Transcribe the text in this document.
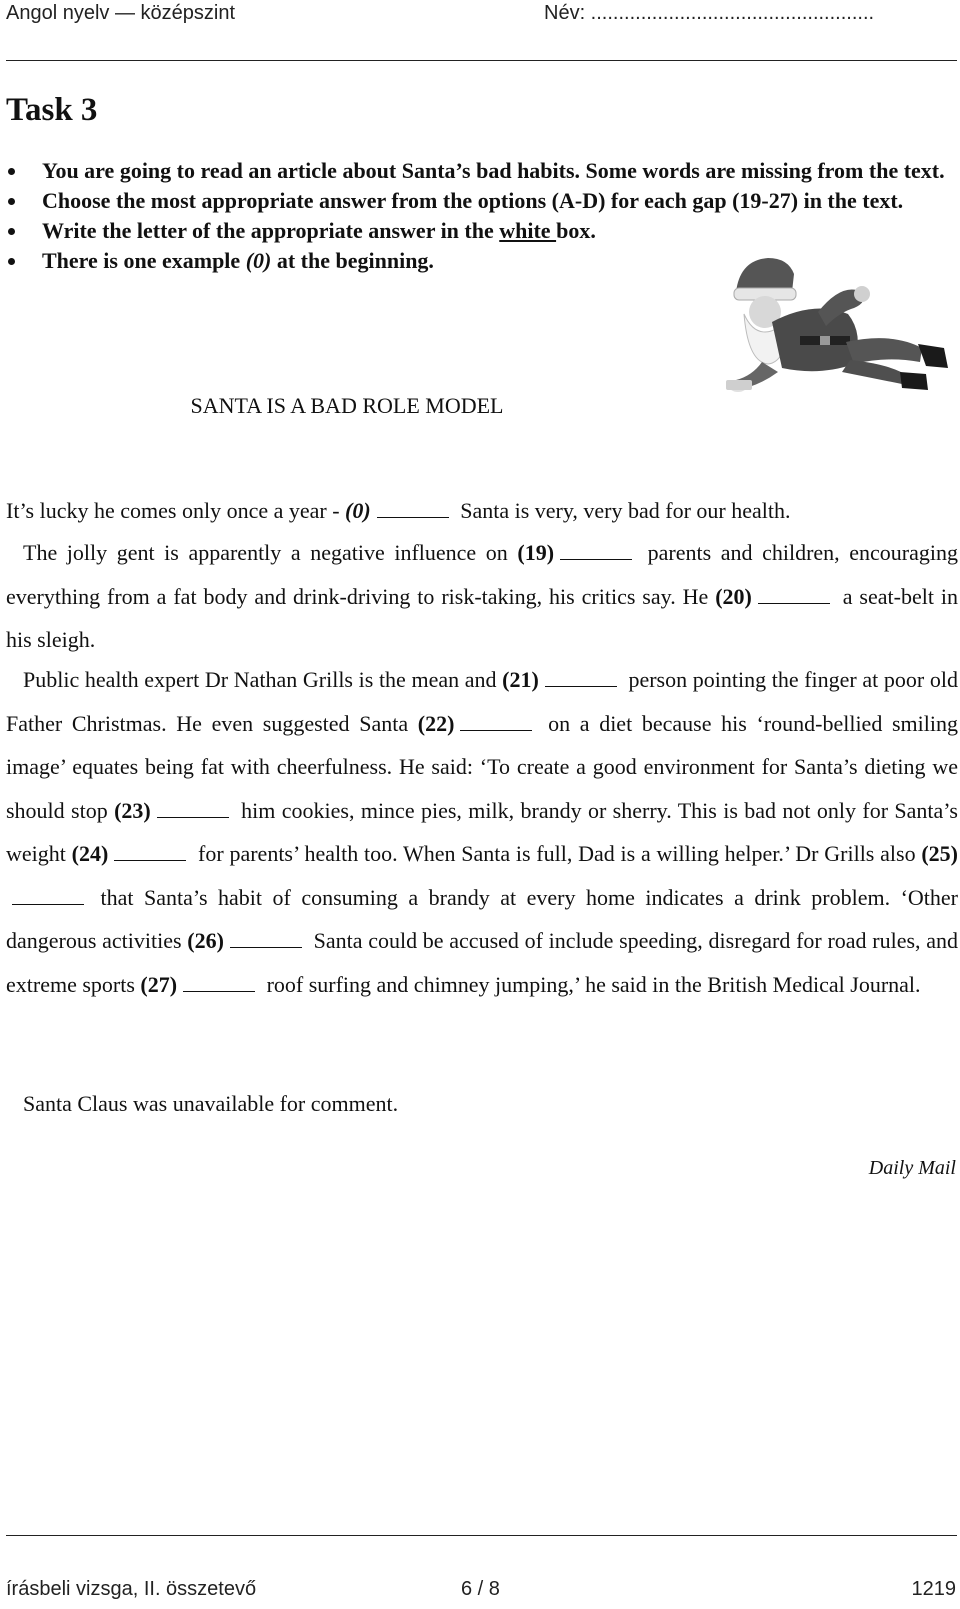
Angol nyelv — középszint	Név: ...................................................
Task 3
You are going to read an article about Santa’s bad habits. Some words are missing from the text.
Choose the most appropriate answer from the options (A-D) for each gap (19-27) in the text.
Write the letter of the appropriate answer in the white box.
There is one example (0) at the beginning.
SANTA IS A BAD ROLE MODEL

It’s lucky he comes only once a year - (0)	Santa is very, very bad for our health.

The jolly gent is apparently a negative influence on (19)	parents and children, encouraging everything from a fat body and drink-driving to risk-taking, his critics say. He (20)	a seat-belt in his sleigh.

Public health expert Dr Nathan Grills is the mean and (21)	person pointing the finger at poor old Father Christmas. He even suggested Santa (22)	on a diet because his ‘round-bellied smiling image’ equates being fat with cheerfulness. He said: ‘To create a good environment for Santa’s dieting we should stop (23)	him cookies, mince pies, milk, brandy or sherry. This is bad not only for Santa’s weight (24)	for parents’ health too. When Santa is full, Dad is a willing helper.’ Dr Grills also (25) that Santa’s habit of consuming a brandy at every home indicates a drink problem. ‘Other dangerous activities (26)	Santa could be accused of include speeding, disregard for road rules, and extreme sports (27)	roof surfing and chimney jumping,’ he said in the British Medical Journal.

Santa Claus was unavailable for comment.

Daily Mail
írásbeli vizsga, II. összetevő	6 / 8	1219
